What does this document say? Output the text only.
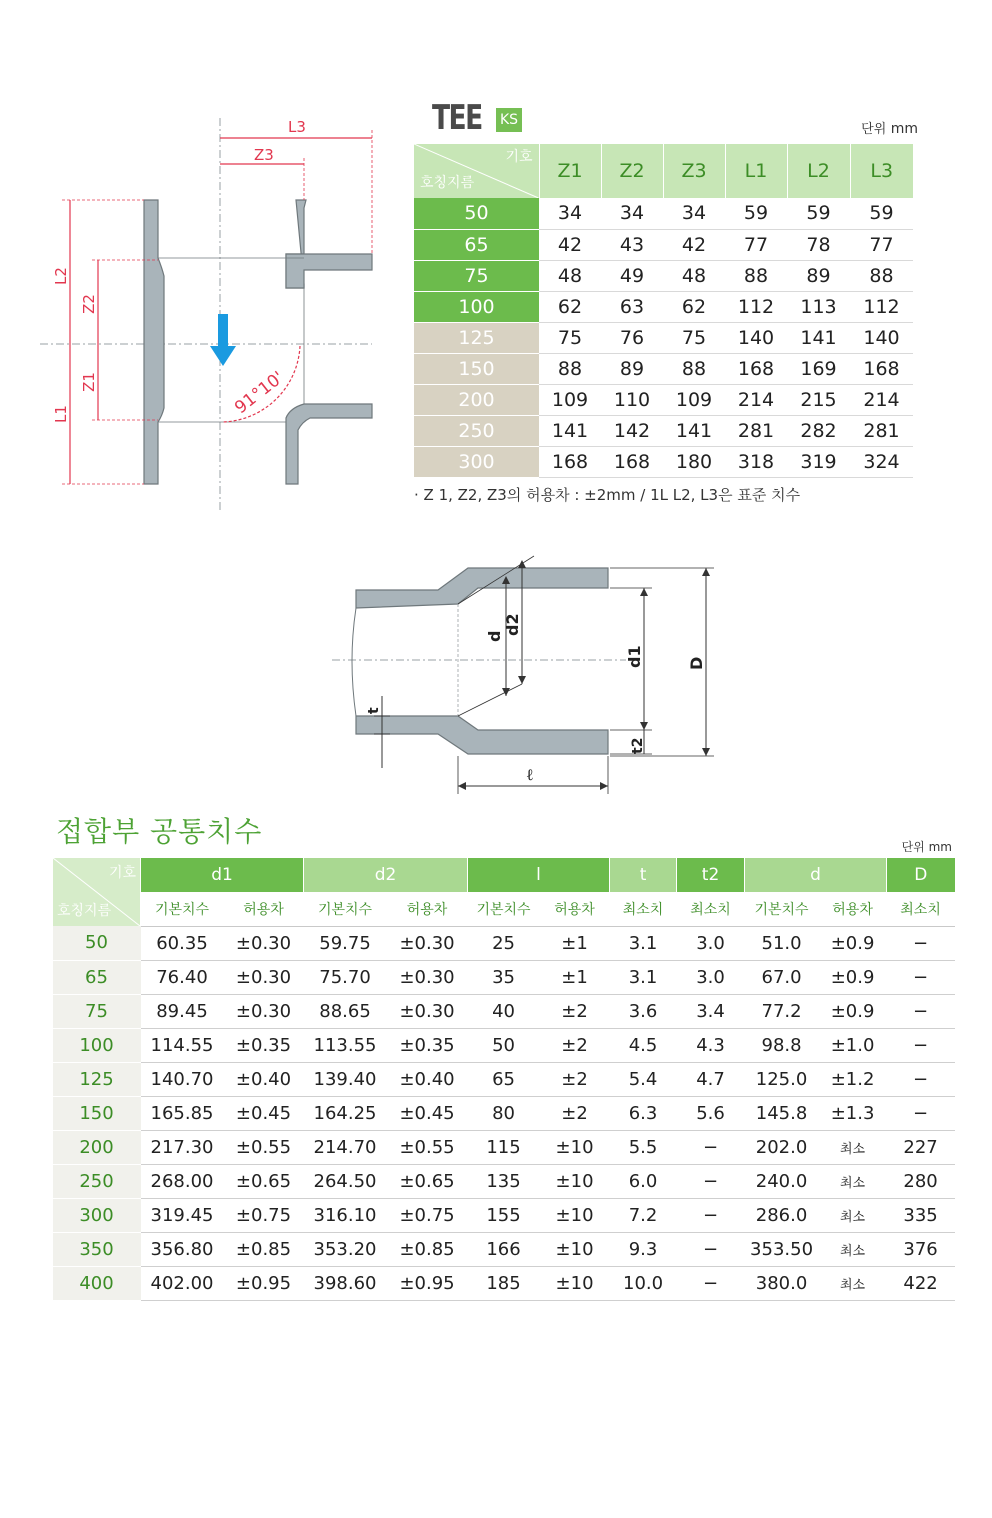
91°10'
L3
Z3
L2
Z2
Z1
L1
TEE KS
단위 mm
기호
호칭지름	Z1	Z2	Z3	L1	L2	L3
50	34	34	34	59	59	59
65	42	43	42	77	78	77
75	48	49	48	88	89	88
100	62	63	62	112	113	112
125	75	76	75	140	141	140
150	88	89	88	168	169	168
200	109	110	109	214	215	214
250	141	142	141	281	282	281
300	168	168	180	318	319	324
· Z 1, Z2, Z3의 허용차 : ±2mm / 1L L2, L3은 표준 치수
d
d2
d1
t2
D
t
ℓ
접합부 공통치수	단위 mm
기호
호칭지름	d1		d2		l		t	t2	d		D
	기본치수	허용차	기본치수	허용차	기본치수	허용차	최소치	최소치	기본치수	허용차	최소치
50	60.35	±0.30	59.75	±0.30	25	±1	3.1	3.0	51.0	±0.9	−
65	76.40	±0.30	75.70	±0.30	35	±1	3.1	3.0	67.0	±0.9	−
75	89.45	±0.30	88.65	±0.30	40	±2	3.6	3.4	77.2	±0.9	−
100	114.55	±0.35	113.55	±0.35	50	±2	4.5	4.3	98.8	±1.0	−
125	140.70	±0.40	139.40	±0.40	65	±2	5.4	4.7	125.0	±1.2	−
150	165.85	±0.45	164.25	±0.45	80	±2	6.3	5.6	145.8	±1.3	−
200	217.30	±0.55	214.70	±0.55	115	±10	5.5	−	202.0	최소	227
250	268.00	±0.65	264.50	±0.65	135	±10	6.0	−	240.0	최소	280
300	319.45	±0.75	316.10	±0.75	155	±10	7.2	−	286.0	최소	335
350	356.80	±0.85	353.20	±0.85	166	±10	9.3	−	353.50	최소	376
400	402.00	±0.95	398.60	±0.95	185	±10	10.0	−	380.0	최소	422
